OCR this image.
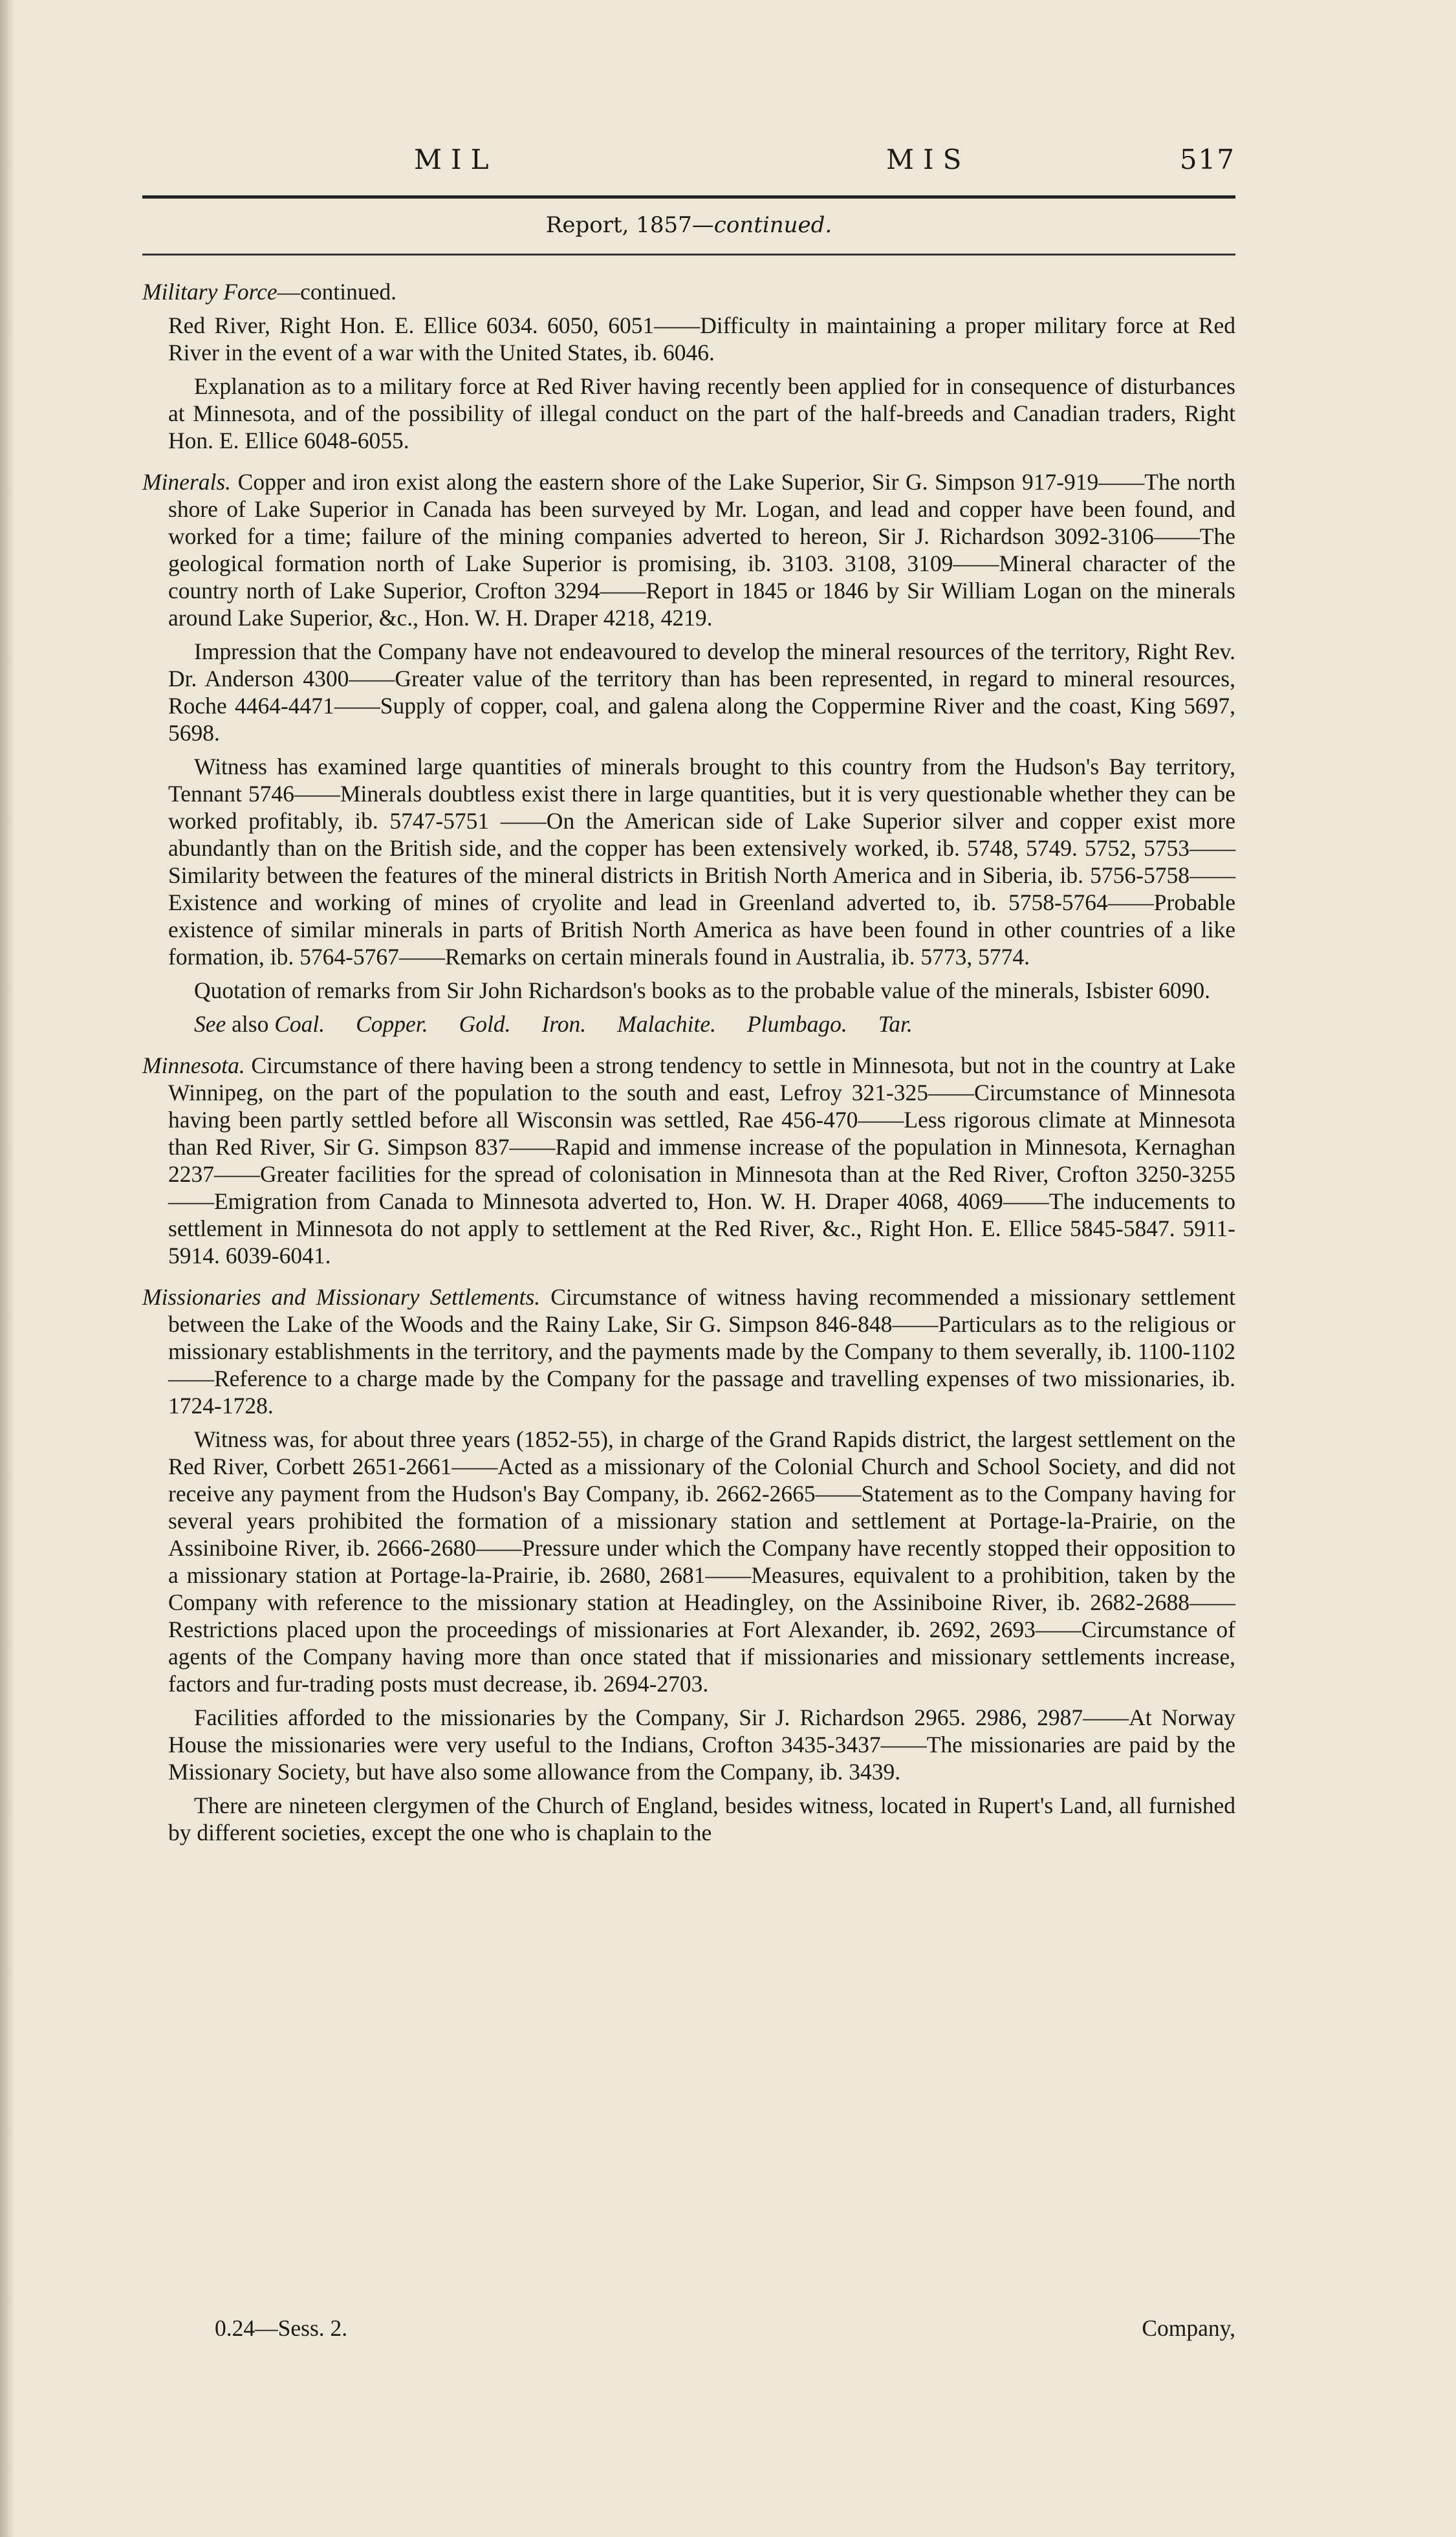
MIL	MIS	517
Report, 1857—continued.

Military Force—continued.

Red River, Right Hon. E. Ellice 6034. 6050, 6051——Difficulty in maintaining a proper military force at Red River in the event of a war with the United States, ib. 6046.

Explanation as to a military force at Red River having recently been applied for in consequence of disturbances at Minnesota, and of the possibility of illegal conduct on the part of the half-breeds and Canadian traders, Right Hon. E. Ellice 6048-6055.

Minerals. Copper and iron exist along the eastern shore of the Lake Superior, Sir G. Simpson 917-919——The north shore of Lake Superior in Canada has been surveyed by Mr. Logan, and lead and copper have been found, and worked for a time; failure of the mining companies adverted to hereon, Sir J. Richardson 3092-3106——The geological formation north of Lake Superior is promising, ib. 3103. 3108, 3109——Mineral character of the country north of Lake Superior, Crofton 3294——Report in 1845 or 1846 by Sir William Logan on the minerals around Lake Superior, &c., Hon. W. H. Draper 4218, 4219.

Impression that the Company have not endeavoured to develop the mineral resources of the territory, Right Rev. Dr. Anderson 4300——Greater value of the territory than has been represented, in regard to mineral resources, Roche 4464-4471——Supply of copper, coal, and galena along the Coppermine River and the coast, King 5697, 5698.

Witness has examined large quantities of minerals brought to this country from the Hudson's Bay territory, Tennant 5746——Minerals doubtless exist there in large quantities, but it is very questionable whether they can be worked profitably, ib. 5747-5751 ——On the American side of Lake Superior silver and copper exist more abundantly than on the British side, and the copper has been extensively worked, ib. 5748, 5749. 5752, 5753——Similarity between the features of the mineral districts in British North America and in Siberia, ib. 5756-5758——Existence and working of mines of cryolite and lead in Greenland adverted to, ib. 5758-5764——Probable existence of similar minerals in parts of British North America as have been found in other countries of a like formation, ib. 5764-5767——Remarks on certain minerals found in Australia, ib. 5773, 5774.

Quotation of remarks from Sir John Richardson's books as to the probable value of the minerals, Isbister 6090.

See also Coal. Copper. Gold. Iron. Malachite. Plumbago. Tar.

Minnesota. Circumstance of there having been a strong tendency to settle in Minnesota, but not in the country at Lake Winnipeg, on the part of the population to the south and east, Lefroy 321-325——Circumstance of Minnesota having been partly settled before all Wisconsin was settled, Rae 456-470——Less rigorous climate at Minnesota than Red River, Sir G. Simpson 837——Rapid and immense increase of the population in Minnesota, Kernaghan 2237——Greater facilities for the spread of colonisation in Minnesota than at the Red River, Crofton 3250-3255——Emigration from Canada to Minnesota adverted to, Hon. W. H. Draper 4068, 4069——The inducements to settlement in Minnesota do not apply to settlement at the Red River, &c., Right Hon. E. Ellice 5845-5847. 5911-5914. 6039-6041.

Missionaries and Missionary Settlements. Circumstance of witness having recommended a missionary settlement between the Lake of the Woods and the Rainy Lake, Sir G. Simpson 846-848——Particulars as to the religious or missionary establishments in the territory, and the payments made by the Company to them severally, ib. 1100-1102——Reference to a charge made by the Company for the passage and travelling expenses of two missionaries, ib. 1724-1728.

Witness was, for about three years (1852-55), in charge of the Grand Rapids district, the largest settlement on the Red River, Corbett 2651-2661——Acted as a missionary of the Colonial Church and School Society, and did not receive any payment from the Hudson's Bay Company, ib. 2662-2665——Statement as to the Company having for several years prohibited the formation of a missionary station and settlement at Portage-la-Prairie, on the Assiniboine River, ib. 2666-2680——Pressure under which the Company have recently stopped their opposition to a missionary station at Portage-la-Prairie, ib. 2680, 2681——Measures, equivalent to a prohibition, taken by the Company with reference to the missionary station at Headingley, on the Assiniboine River, ib. 2682-2688——Restrictions placed upon the proceedings of missionaries at Fort Alexander, ib. 2692, 2693——Circumstance of agents of the Company having more than once stated that if missionaries and missionary settlements increase, factors and fur-trading posts must decrease, ib. 2694-2703.

Facilities afforded to the missionaries by the Company, Sir J. Richardson 2965. 2986, 2987——At Norway House the missionaries were very useful to the Indians, Crofton 3435-3437——The missionaries are paid by the Missionary Society, but have also some allowance from the Company, ib. 3439.

There are nineteen clergymen of the Church of England, besides witness, located in Rupert's Land, all furnished by different societies, except the one who is chaplain to the

0.24—Sess. 2.	Company,
